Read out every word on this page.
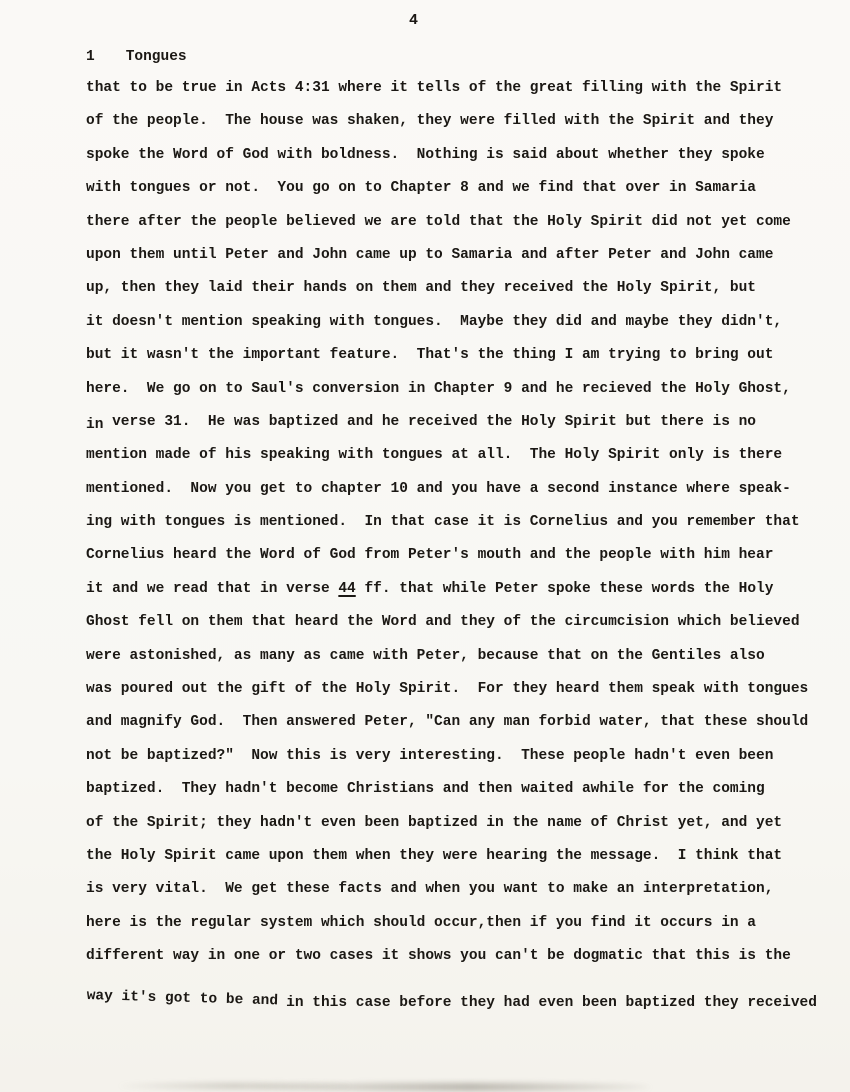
4
1 Tongues
that to be true in Acts 4:31 where it tells of the great filling with the Spirit
of the people.  The house was shaken, they were filled with the Spirit and they
spoke the Word of God with boldness.  Nothing is said about whether they spoke
with tongues or not.  You go on to Chapter 8 and we find that over in Samaria
there after the people believed we are told that the Holy Spirit did not yet come
upon them until Peter and John came up to Samaria and after Peter and John came
up, then they laid their hands on them and they received the Holy Spirit, but
it doesn't mention speaking with tongues.  Maybe they did and maybe they didn't,
but it wasn't the important feature.  That's the thing I am trying to bring out
here.  We go on to Saul's conversion in Chapter 9 and he recieved the Holy Ghost,
in verse 31.  He was baptized and he received the Holy Spirit but there is no
mention made of his speaking with tongues at all.  The Holy Spirit only is there
mentioned.  Now you get to chapter 10 and you have a second instance where speak-
ing with tongues is mentioned.  In that case it is Cornelius and you remember that
Cornelius heard the Word of God from Peter's mouth and the people with him hear
it and we read that in verse 44 ff. that while Peter spoke these words the Holy
Ghost fell on them that heard the Word and they of the circumcision which believed
were astonished, as many as came with Peter, because that on the Gentiles also
was poured out the gift of the Holy Spirit.  For they heard them speak with tongues
and magnify God.  Then answered Peter, "Can any man forbid water, that these should
not be baptized?"  Now this is very interesting.  These people hadn't even been
baptized.  They hadn't become Christians and then waited awhile for the coming
of the Spirit; they hadn't even been baptized in the name of Christ yet, and yet
the Holy Spirit came upon them when they were hearing the message.  I think that
is very vital.  We get these facts and when you want to make an interpretation,
here is the regular system which should occur,then if you find it occurs in a
different way in one or two cases it shows you can't be dogmatic that this is the
way it's got to be and in this case before they had even been baptized they received
